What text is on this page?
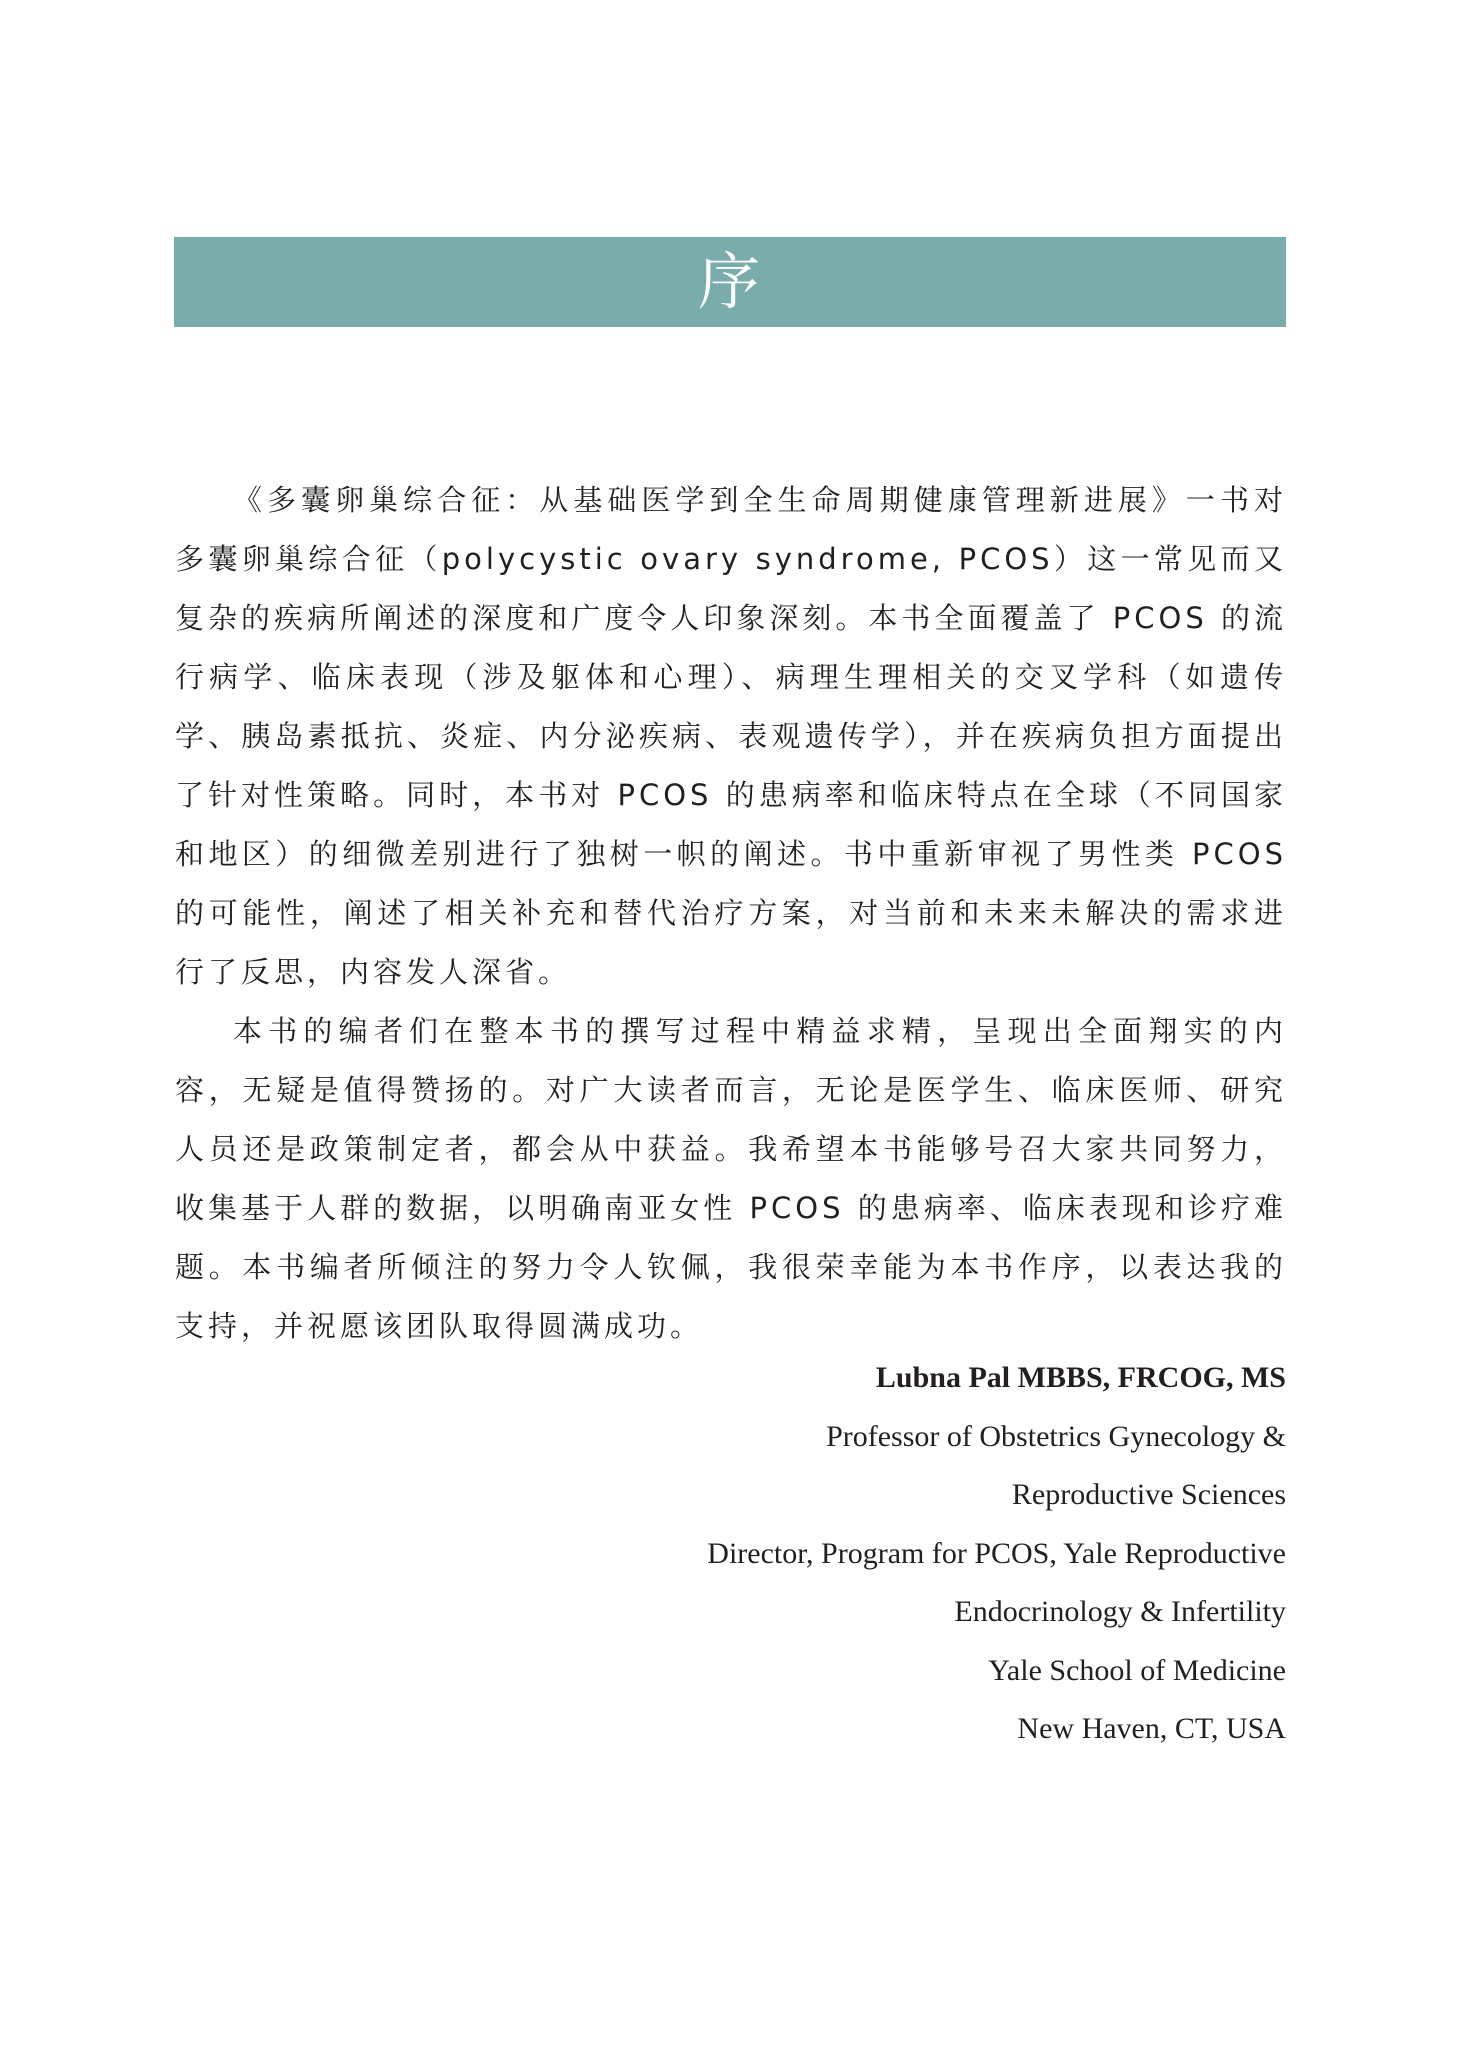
序

《多囊卵巢综合征：从基础医学到全生命周期健康管理新进展》一书对多囊卵巢综合征（polycystic ovary syndrome, PCOS）这一常见而又复杂的疾病所阐述的深度和广度令人印象深刻。本书全面覆盖了 PCOS 的流行病学、临床表现（涉及躯体和心理）、病理生理相关的交叉学科（如遗传学、胰岛素抵抗、炎症、内分泌疾病、表观遗传学），并在疾病负担方面提出了针对性策略。同时，本书对 PCOS 的患病率和临床特点在全球（不同国家和地区）的细微差别进行了独树一帜的阐述。书中重新审视了男性类 PCOS 的可能性，阐述了相关补充和替代治疗方案，对当前和未来未解决的需求进行了反思，内容发人深省。

本书的编者们在整本书的撰写过程中精益求精，呈现出全面翔实的内容，无疑是值得赞扬的。对广大读者而言，无论是医学生、临床医师、研究人员还是政策制定者，都会从中获益。我希望本书能够号召大家共同努力，收集基于人群的数据，以明确南亚女性 PCOS 的患病率、临床表现和诊疗难题。本书编者所倾注的努力令人钦佩，我很荣幸能为本书作序，以表达我的支持，并祝愿该团队取得圆满成功。

Lubna Pal MBBS, FRCOG, MS
Professor of Obstetrics Gynecology &
Reproductive Sciences
Director, Program for PCOS, Yale Reproductive
Endocrinology & Infertility
Yale School of Medicine
New Haven, CT, USA
